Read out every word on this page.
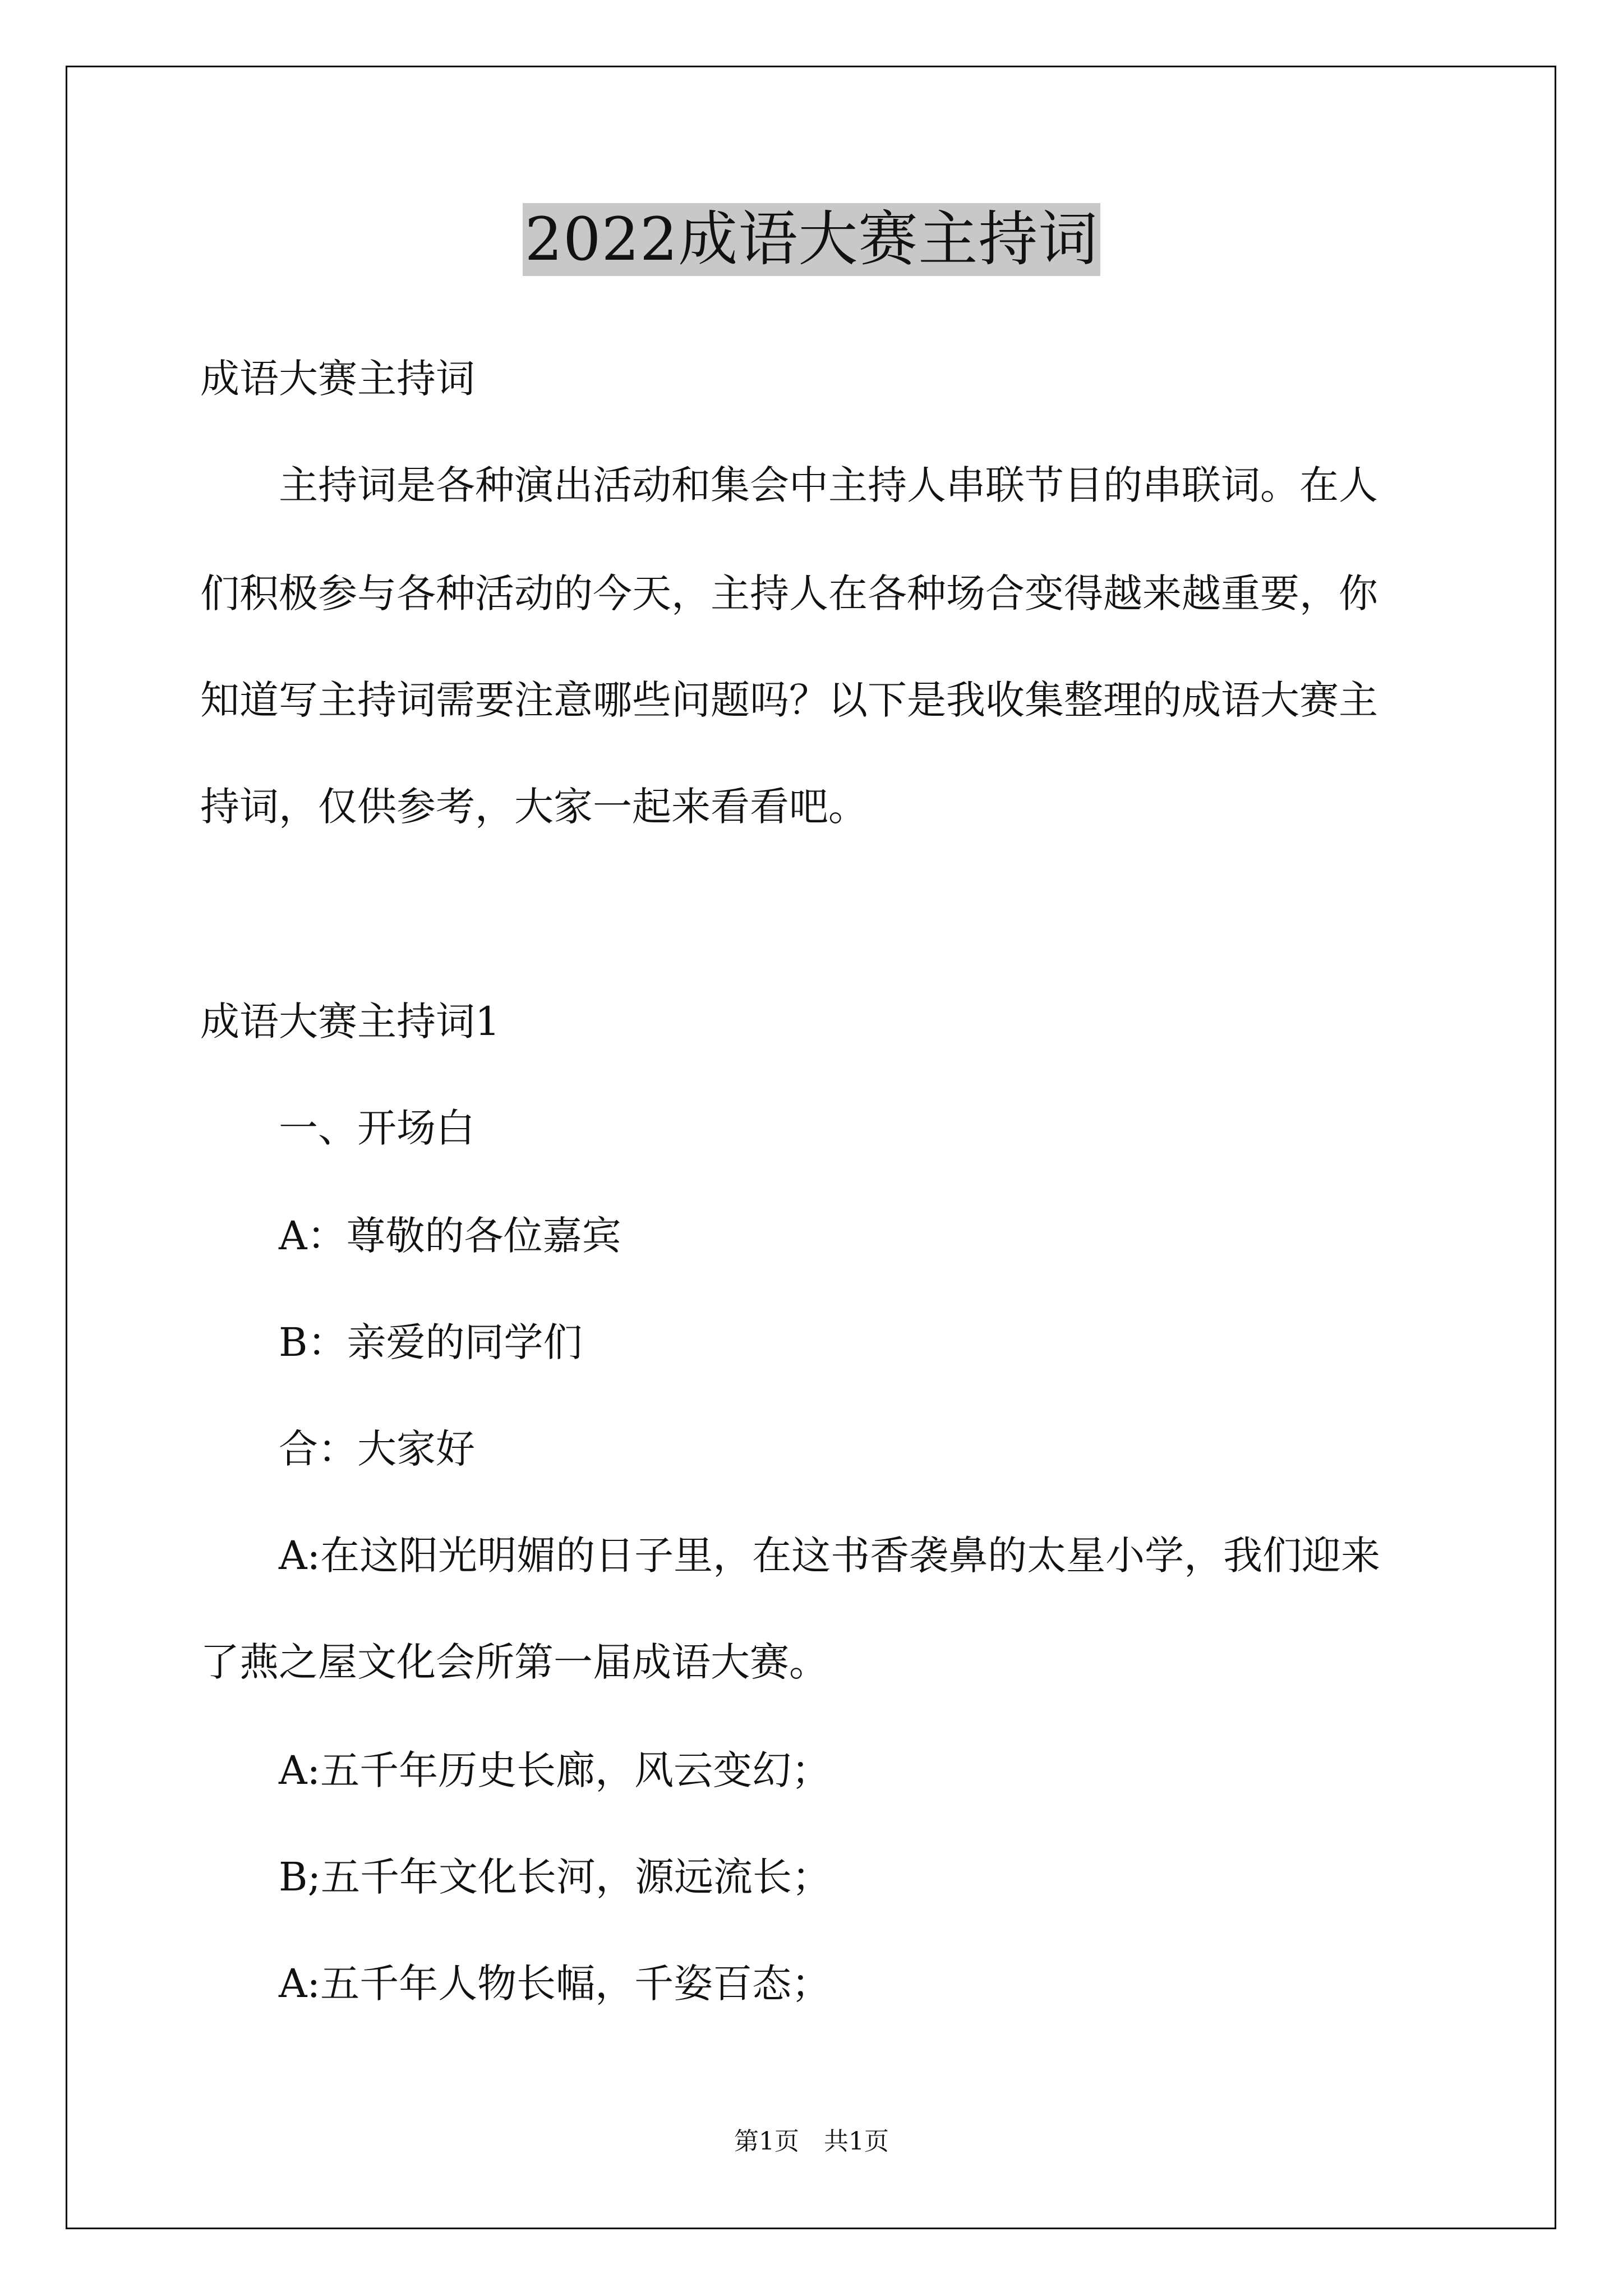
2022成语大赛主持词
成语大赛主持词
主持词是各种演出活动和集会中主持人串联节目的串联词。在人
们积极参与各种活动的今天，主持人在各种场合变得越来越重要，你
知道写主持词需要注意哪些问题吗？以下是我收集整理的成语大赛主
持词，仅供参考，大家一起来看看吧。
成语大赛主持词1
一、开场白
A：尊敬的各位嘉宾
B：亲爱的同学们
合：大家好
A:在这阳光明媚的日子里，在这书香袭鼻的太星小学，我们迎来
了燕之屋文化会所第一届成语大赛。
A:五千年历史长廊，风云变幻；
B;五千年文化长河，源远流长；
A:五千年人物长幅，千姿百态；
第1页 共1页
